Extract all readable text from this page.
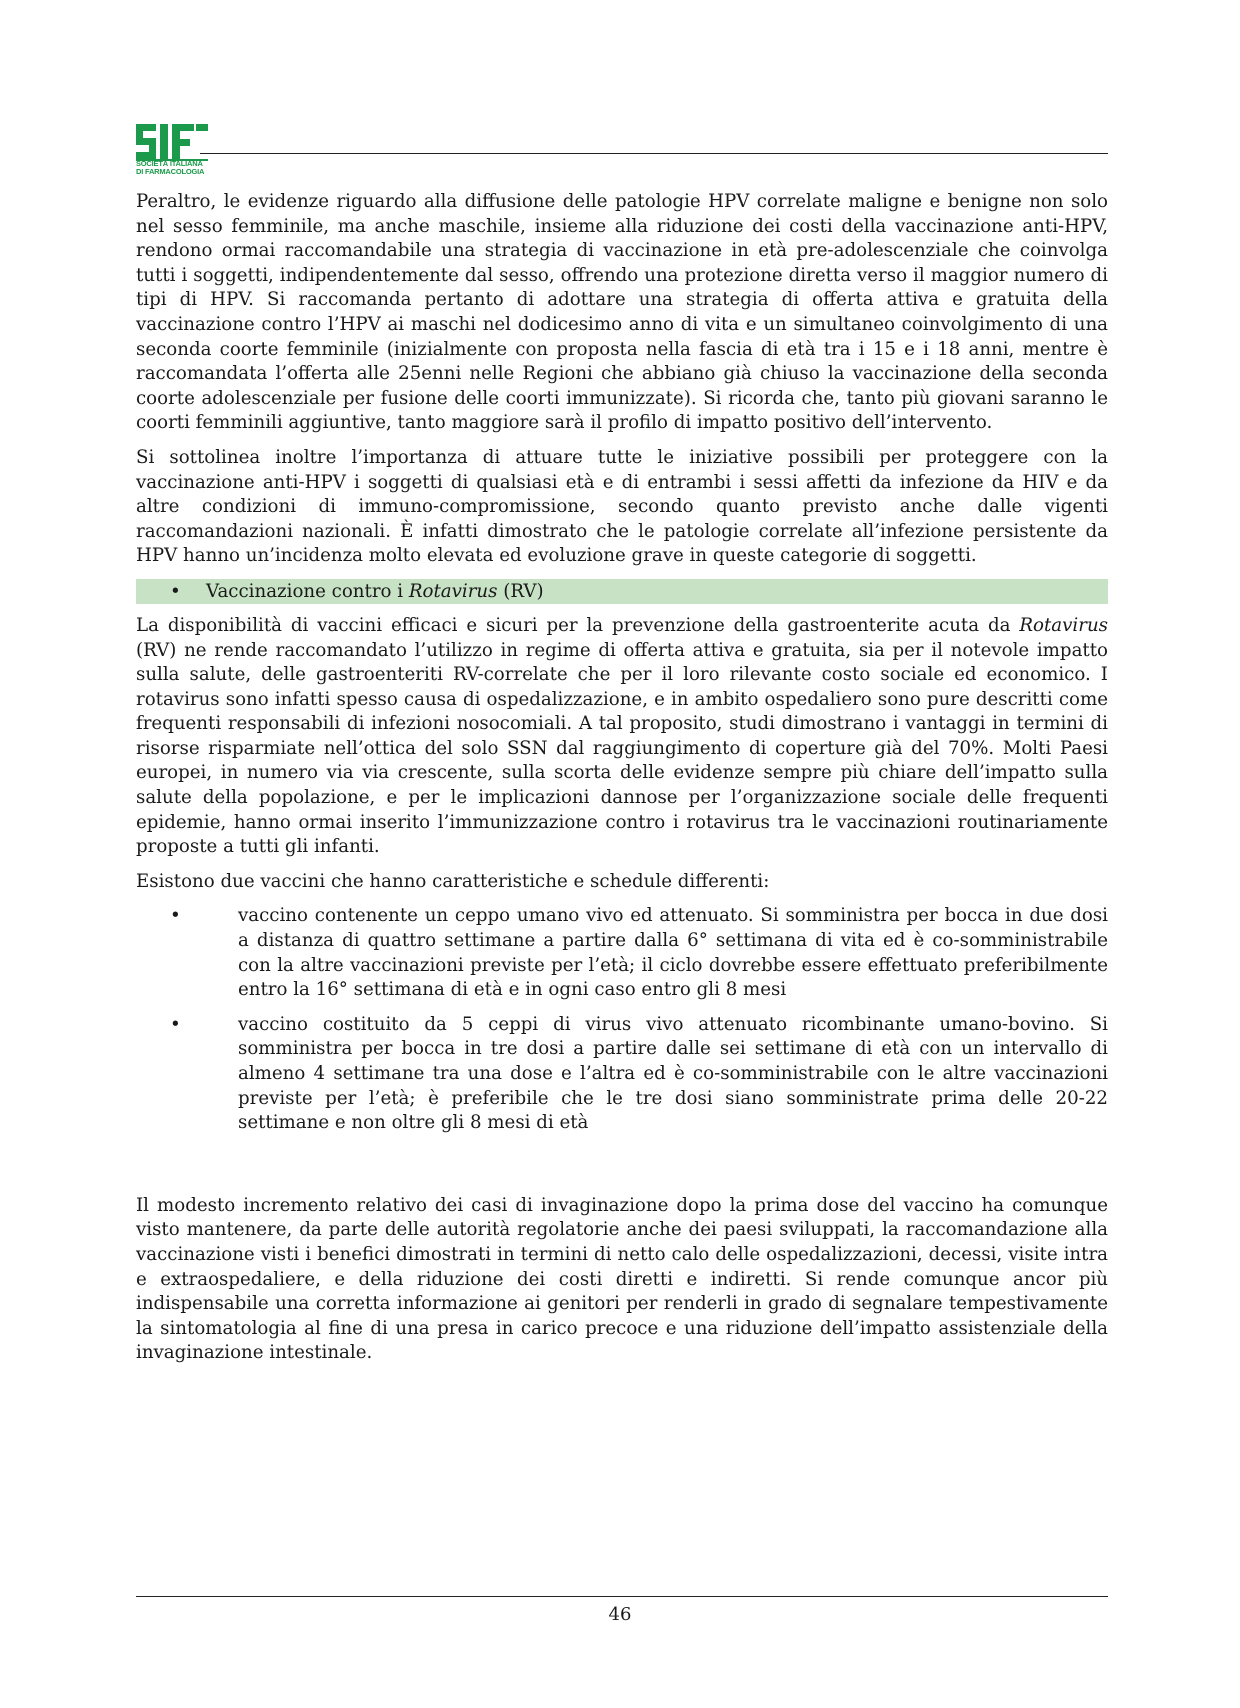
SOCIETÀ ITALIANA
DI FARMACOLOGIA

Peraltro, le evidenze riguardo alla diffusione delle patologie HPV correlate maligne e benigne non solo nel sesso femminile, ma anche maschile, insieme alla riduzione dei costi della vaccinazione anti-HPV, rendono ormai raccomandabile una strategia di vaccinazione in età pre-adolescenziale che coinvolga tutti i soggetti, indipendentemente dal sesso, offrendo una protezione diretta verso il maggior numero di tipi di HPV. Si raccomanda pertanto di adottare una strategia di offerta attiva e gratuita della vaccinazione contro l’HPV ai maschi nel dodicesimo anno di vita e un simultaneo coinvolgimento di una seconda coorte femminile (inizialmente con proposta nella fascia di età tra i 15 e i 18 anni, mentre è raccomandata l’offerta alle 25enni nelle Regioni che abbiano già chiuso la vaccinazione della seconda coorte adolescenziale per fusione delle coorti immunizzate). Si ricorda che, tanto più giovani saranno le coorti femminili aggiuntive, tanto maggiore sarà il profilo di impatto positivo dell’intervento.

Si sottolinea inoltre l’importanza di attuare tutte le iniziative possibili per proteggere con la vaccinazione anti-HPV i soggetti di qualsiasi età e di entrambi i sessi affetti da infezione da HIV e da altre condizioni di immuno-compromissione, secondo quanto previsto anche dalle vigenti raccomandazioni nazionali. È infatti dimostrato che le patologie correlate all’infezione persistente da HPV hanno un’incidenza molto elevata ed evoluzione grave in queste categorie di soggetti.

• Vaccinazione contro i Rotavirus (RV)

La disponibilità di vaccini efficaci e sicuri per la prevenzione della gastroenterite acuta da Rotavirus (RV) ne rende raccomandato l’utilizzo in regime di offerta attiva e gratuita, sia per il notevole impatto sulla salute, delle gastroenteriti RV-correlate che per il loro rilevante costo sociale ed economico. I rotavirus sono infatti spesso causa di ospedalizzazione, e in ambito ospedaliero sono pure descritti come frequenti responsabili di infezioni nosocomiali. A tal proposito, studi dimostrano i vantaggi in termini di risorse risparmiate nell’ottica del solo SSN dal raggiungimento di coperture già del 70%. Molti Paesi europei, in numero via via crescente, sulla scorta delle evidenze sempre più chiare dell’impatto sulla salute della popolazione, e per le implicazioni dannose per l’organizzazione sociale delle frequenti epidemie, hanno ormai inserito l’immunizzazione contro i rotavirus tra le vaccinazioni routinariamente proposte a tutti gli infanti.

Esistono due vaccini che hanno caratteristiche e schedule differenti:

•	vaccino contenente un ceppo umano vivo ed attenuato. Si somministra per bocca in due dosi a distanza di quattro settimane a partire dalla 6° settimana di vita ed è co-somministrabile con la altre vaccinazioni previste per l’età; il ciclo dovrebbe essere effettuato preferibilmente entro la 16° settimana di età e in ogni caso entro gli 8 mesi
•	vaccino costituito da 5 ceppi di virus vivo attenuato ricombinante umano-bovino. Si somministra per bocca in tre dosi a partire dalle sei settimane di età con un intervallo di almeno 4 settimane tra una dose e l’altra ed è co-somministrabile con le altre vaccinazioni previste per l’età; è preferibile che le tre dosi siano somministrate prima delle 20-22 settimane e non oltre gli 8 mesi di età

Il modesto incremento relativo dei casi di invaginazione dopo la prima dose del vaccino ha comunque visto mantenere, da parte delle autorità regolatorie anche dei paesi sviluppati, la raccomandazione alla vaccinazione visti i benefici dimostrati in termini di netto calo delle ospedalizzazioni, decessi, visite intra e extraospedaliere, e della riduzione dei costi diretti e indiretti. Si rende comunque ancor più indispensabile una corretta informazione ai genitori per renderli in grado di segnalare tempestivamente la sintomatologia al fine di una presa in carico precoce e una riduzione dell’impatto assistenziale della invaginazione intestinale.

46
